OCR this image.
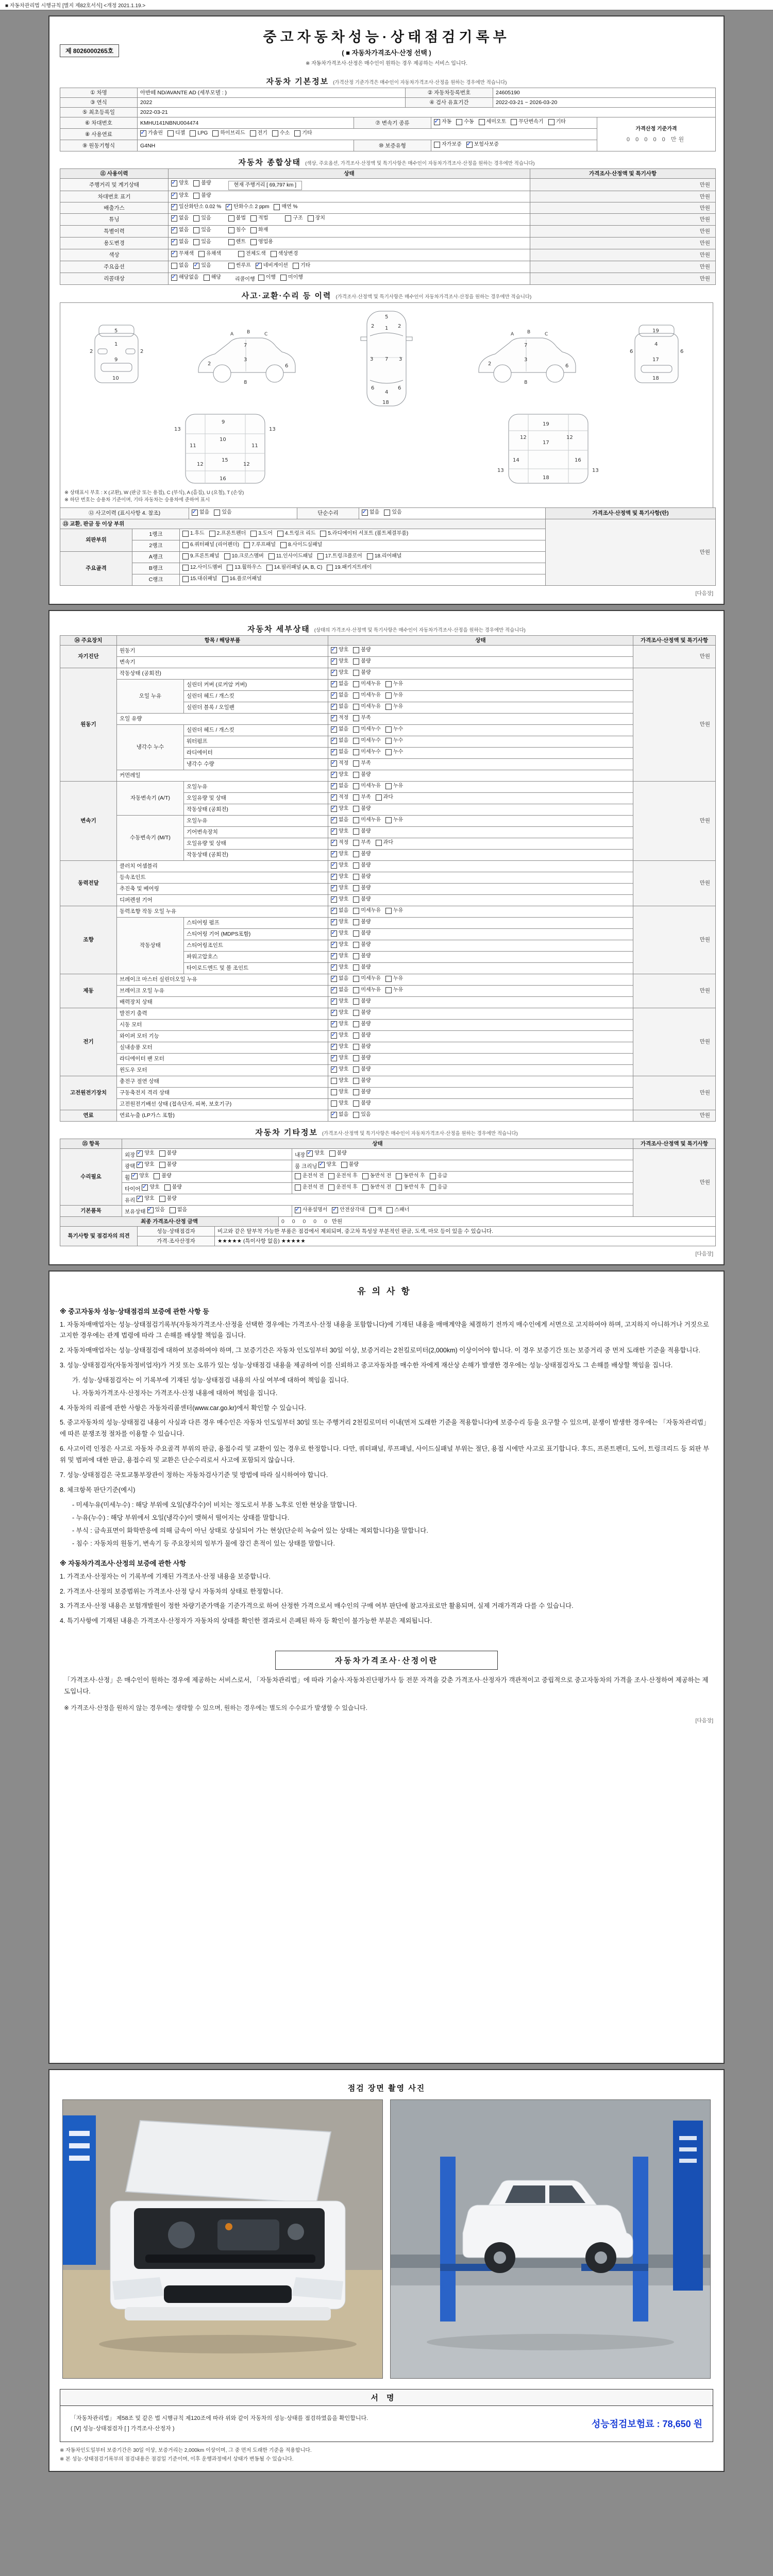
■ 자동차관리법 시행규칙 [별지 제82호서식] <개정 2021.1.19.>
제 8026000265호
중고자동차성능·상태점검기록부
( ■ 자동차가격조사·산정 선택 )
※ 자동차가격조사·산정은 매수인이 원하는 경우 제공하는 서비스 입니다.
자동차 기본정보 (가격산정 기준가격은 매수인이 자동차가격조사·산정을 원하는 경우에만 적습니다)
① 차명	아반떼 ND/AVANTE AD (세부모델 : )	② 자동차등록번호	24605190
③ 연식	2022	④ 검사 유효기간	2022-03-21 ~ 2026-03-20
⑤ 최초등록일	2022-03-21		
⑥ 차대번호	KMHU141NBNU004474	⑦ 변속기 종류	
✓자동 수동 세미오토 무단변속기 기타

가격산정 기준가격
0 0 0 0 0 만원

⑧ 사용연료	
✓가솔린 디젤 LPG 하이브리드 전기 수소 기타

⑨ 원동기형식	G4NH	⑩ 보증유형	자가보증 ✓ 보험사보증
자동차 종합상태 (색상, 주요옵션, 가격조사·산정액 및 특기사항은 매수인이 자동차가격조사·산정을 원하는 경우에만 적습니다)
⑪ 사용이력	상태	가격조사·산정액 및 특기사항
주행거리 및 계기상태	
✓양호 불량 현재 주행거리 [ 69,797 km ]	만원
차대번호 표기	
✓양호 불량	만원
배출가스	
✓일산화탄소 0.02 % ✓ 탄화수소 2 ppm 매연 %	만원
튜닝	
✓없음 있음	불법 적법	구조 장치	만원
특별이력	
✓없음 있음 침수 화재	만원
용도변경	
✓없음 있음 렌트 영업용	만원
색상	
✓무채색 유채색 전체도색 색상변경	만원
주요옵션	없음 ✓ 있음 썬루프 ✓ 네비게이션 기타	만원
리콜대상	
✓해당없음 해당 리콜이행 이행 미이행	만원
사고·교환·수리 등 이력 (가격조사·산정액 및 특기사항은 매수인이 자동차가격조사·산정을 원하는 경우에만 적습니다)
5
1
9
10
2	2
A	B	C
2
3
6
8
7
5
1
7
4
2	2
3	3
6	6
18
A	B	C
2
3
6
8
7
19
4
17
18
6	6
9
10
11	11
12	12
15
16
13	13
19
17
12	12
14	16
18
13	13
※ 상태표시 부호 : X (교환), W (판금 또는 용접), C (부식), A (흠집), U (요철), T (손상)
※ 하단 번호는 승용차 기준이며, 기타 자동차는 승용차에 준하여 표시
⑫ 사고이력 (표시사항 4. 참조)	
✓없음 있음	단순수리	
✓없음 있음	가격조사·산정액 및 특기사항(란)
⑬ 교환, 판금 등 이상 부위			만원
외판부위	1랭크	1.후드 2.프론트펜더 3.도어 4.트렁크 리드 5.라디에이터 서포트 (볼트체결부품)	

	2랭크	6.쿼터패널 (리어펜더) 7.루프패널 8.사이드실패널	

주요골격	A랭크	9.프론트패널 10.크로스멤버 11.인사이드패널 17.트렁크플로어 18.리어패널	

	B랭크	12.사이드멤버 13.휠하우스 14.필러패널 (A, B, C) 19.패키지트레이	

	C랭크	15.대쉬패널 16.플로어패널	
[다음장]
자동차 세부상태 (상태의 가격조사·산정액 및 특기사항은 매수인이 자동차가격조사·산정을 원하는 경우에만 적습니다)
⑭ 주요장치	항목 / 해당부품		상태	가격조사·산정액 및 특기사항
자기진단	원동기	
✓양호 불량	만원
	변속기	
✓양호 불량

원동기	작동상태 (공회전)	
✓양호 불량	만원
	오일 누유	실린더 커버 (로커암 커버)	
✓없음 미세누유 누유

		실린더 헤드 / 개스킷	
✓없음 미세누유 누유

		실린더 블록 / 오일팬	
✓없음 미세누유 누유

	오일 유량	
✓적정 부족

	냉각수 누수	실린더 헤드 / 개스킷	
✓없음 미세누수 누수

		워터펌프	
✓없음 미세누수 누수

		라디에이터	
✓없음 미세누수 누수

		냉각수 수량	
✓적정 부족

	커먼레일	
✓양호 불량

변속기	자동변속기 (A/T)	오일누유	
✓없음 미세누유 누유	만원
		오일유량 및 상태	
✓적정 부족 과다

		작동상태 (공회전)	
✓양호 불량

	수동변속기 (M/T)	오일누유	
✓없음 미세누유 누유

		기어변속장치	
✓양호 불량

		오일유량 및 상태	
✓적정 부족 과다

		작동상태 (공회전)	
✓양호 불량

동력전달	클러치 어셈블리	
✓양호 불량	만원
	등속조인트	
✓양호 불량

	추진축 및 베어링	
✓양호 불량

	디퍼렌셜 기어	
✓양호 불량

조향	동력조향 작동 오일 누유	
✓없음 미세누유 누유	만원
	작동상태	스티어링 펌프	
✓양호 불량

		스티어링 기어 (MDPS포함)	
✓양호 불량

		스티어링조인트	
✓양호 불량

		파워고압호스	
✓양호 불량

		타이로드엔드 및 볼 조인트	
✓양호 불량

제동	브레이크 마스터 실린더오일 누유	
✓없음 미세누유 누유	만원
	브레이크 오일 누유	
✓없음 미세누유 누유

	배력장치 상태	
✓양호 불량

전기	발전기 출력	
✓양호 불량	만원
	시동 모터	
✓양호 불량

	와이퍼 모터 기능	
✓양호 불량

	실내송풍 모터	
✓양호 불량

	라디에이터 팬 모터	
✓양호 불량

	윈도우 모터	
✓양호 불량

고전원전기장치	충전구 절연 상태		양호 불량	만원
	구동축전지 격리 상태		양호 불량	

	고전원전기배선 상태 (접속단자, 피복, 보호기구)		양호 불량	

연료	연료누출 (LP가스 포함)	
✓없음 있음	만원
자동차 기타정보 (가격조사·산정액 및 특기사항은 매수인이 자동차가격조사·산정을 원하는 경우에만 적습니다)
⑮ 항목	상태		가격조사·산정액 및 특기사항
수리필요	외장 ✓ 양호 불량	내장 ✓ 양호 불량	만원
	광택 ✓ 양호 불량	룸 크리닝 ✓ 양호 불량

	휠 ✓ 양호 불량	운전석 전 운전석 후 동반석 전 동반석 후 응급	

	타이어 ✓ 양호 불량	운전석 전 운전석 후 동반석 전 동반석 후 응급	

	유리 ✓ 양호 불량

기본품목	보유상태 ✓ 있음 없음

✓사용설명서 ✓ 안전삼각대 잭 스패너
최종 가격조사·산정 금액	0 0 0 0 0 만원
특기사항 및 점검자의 의견	성능·상태점검자	비고와 같은 탈부착 가능한 부품은 점검에서 제외되며, 중고차 특성상 부분적인 판금, 도색, 마모 등이 있을 수 있습니다.
	가격·조사산정자	★★★★★ (특이사항 없음) ★★★★★
[다음장]
유의사항
※ 중고자동차 성능·상태점검의 보증에 관한 사항 등
1. 자동차매매업자는 성능·상태점검기록부(자동차가격조사·산정을 선택한 경우에는 가격조사·산정 내용을 포함합니다)에 기재된 내용을 매매계약을 체결하기 전까지 매수인에게 서면으로 고지하여야 하며, 고지하지 아니하거나 거짓으로 고지한 경우에는 관계 법령에 따라 그 손해를 배상할 책임을 집니다.
2. 자동차매매업자는 성능·상태점검에 대하여 보증하여야 하며, 그 보증기간은 자동차 인도일부터 30일 이상, 보증거리는 2천킬로미터(2,000km) 이상이어야 합니다. 이 경우 보증기간 또는 보증거리 중 먼저 도래한 기준을 적용합니다.
3. 성능·상태점검자(자동차정비업자)가 거짓 또는 오류가 있는 성능·상태점검 내용을 제공하여 이를 신뢰하고 중고자동차를 매수한 자에게 재산상 손해가 발생한 경우에는 성능·상태점검자도 그 손해를 배상할 책임을 집니다.
가. 성능·상태점검자는 이 기록부에 기재된 성능·상태점검 내용의 사실 여부에 대하여 책임을 집니다.
나. 자동차가격조사·산정자는 가격조사·산정 내용에 대하여 책임을 집니다.
4. 자동차의 리콜에 관한 사항은 자동차리콜센터(www.car.go.kr)에서 확인할 수 있습니다.
5. 중고자동차의 성능·상태점검 내용이 사실과 다른 경우 매수인은 자동차 인도일부터 30일 또는 주행거리 2천킬로미터 이내(먼저 도래한 기준을 적용합니다)에 보증수리 등을 요구할 수 있으며, 분쟁이 발생한 경우에는 「자동차관리법」에 따른 분쟁조정 절차를 이용할 수 있습니다.
6. 사고이력 인정은 사고로 자동차 주요골격 부위의 판금, 용접수리 및 교환이 있는 경우로 한정합니다. 다만, 쿼터패널, 루프패널, 사이드실패널 부위는 절단, 용접 시에만 사고로 표기합니다. 후드, 프론트펜더, 도어, 트렁크리드 등 외판 부위 및 범퍼에 대한 판금, 용접수리 및 교환은 단순수리로서 사고에 포함되지 않습니다.
7. 성능·상태점검은 국토교통부장관이 정하는 자동차검사기준 및 방법에 따라 실시하여야 합니다.
8. 체크항목 판단기준(예시)
- 미세누유(미세누수) : 해당 부위에 오일(냉각수)이 비치는 정도로서 부품 노후로 인한 현상을 말합니다.
- 누유(누수) : 해당 부위에서 오일(냉각수)이 맺혀서 떨어지는 상태를 말합니다.
- 부식 : 금속표면이 화학반응에 의해 금속이 아닌 상태로 상실되어 가는 현상(단순히 녹슬어 있는 상태는 제외합니다)을 말합니다.
- 침수 : 자동차의 원동기, 변속기 등 주요장치의 일부가 물에 잠긴 흔적이 있는 상태를 말합니다.
※ 자동차가격조사·산정의 보증에 관한 사항
1. 가격조사·산정자는 이 기록부에 기재된 가격조사·산정 내용을 보증합니다.
2. 가격조사·산정의 보증범위는 가격조사·산정 당시 자동차의 상태로 한정합니다.
3. 가격조사·산정 내용은 보험개발원이 정한 차량기준가액을 기준가격으로 하여 산정한 가격으로서 매수인의 구매 여부 판단에 참고자료로만 활용되며, 실제 거래가격과 다를 수 있습니다.
4. 특기사항에 기재된 내용은 가격조사·산정자가 자동차의 상태를 확인한 결과로서 은폐된 하자 등 확인이 불가능한 부분은 제외됩니다.
자동차가격조사·산정이란
「가격조사·산정」은 매수인이 원하는 경우에 제공하는 서비스로서, 「자동차관리법」에 따라 기술사·자동차진단평가사 등 전문 자격을 갖춘 가격조사·산정자가 객관적이고 중립적으로 중고자동차의 가격을 조사·산정하여 제공하는 제도입니다.
※ 가격조사·산정을 원하지 않는 경우에는 생략할 수 있으며, 원하는 경우에는 별도의 수수료가 발생할 수 있습니다.
[다음장]
점검 장면 촬영 사진
서명
「자동차관리법」 제58조 및 같은 법 시행규칙 제120조에 따라 위와 같이 자동차의 성능·상태를 점검하였음을 확인합니다.
( [Ⅴ] 성능·상태점검자 [ ] 가격조사·산정자 )	성능점검보험료 : 78,650 원
※ 자동차인도일부터 보증기간은 30일 이상, 보증거리는 2,000km 이상이며, 그 중 먼저 도래한 기준을 적용합니다.
※ 본 성능·상태점검기록부의 점검내용은 점검일 기준이며, 이후 운행과정에서 상태가 변동될 수 있습니다.
